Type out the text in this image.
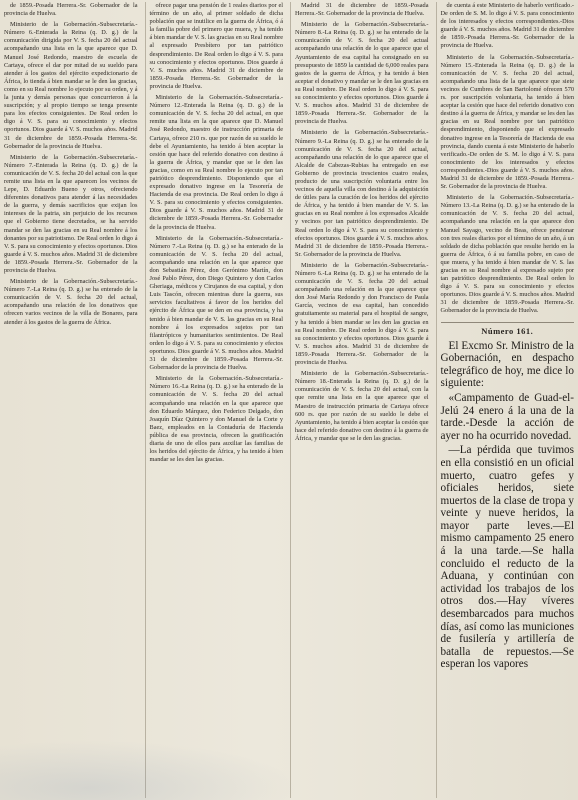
de 1859.-Posada Herrera.-Sr. Gobernador de la provincia de Huelva.

Ministerio de la Gobernación.-Subsecretaría.-Número 6.-Enterada la Reina (q. D. g.) de la comunicación dirigida por V. S. fecha 20 del actual acompañando una lista en la que aparece que D. Manuel José Redondo, maestro de escuela de Cartaya, ofrece el dar por mitad de su sueldo para atender á los gastos del ejército expedicionario de África, lo tienda á bien mandar se le den las gracias, como en su Real nombre lo ejecuto por su orden, y á la junta y demás personas que concurrieron á la suscripción; y al propio tiempo se tenga presente para los efectos consiguientes. De Real orden lo digo á V. S. para su conocimiento y efectos oportunos. Dios guarde á V. S. muchos años. Madrid 31 de diciembre de 1859.-Posada Herrera.-Sr. Gobernador de la provincia de Huelva.

Ministerio de la Gobernación.-Subsecretaría.-Número 7.-Enterada la Reina (q. D. g.) de la comunicación de V. S. fecha 20 del actual con la que remite una lista en la que aparecen los vecinos de Lepe, D. Eduardo Bueno y otros, ofreciendo diferentes donativos para atender á las necesidades de la guerra, y demás sacrificios que exijan los intereses de la patria, sin perjuicio de los recursos que el Gobierno tiene decretados, se ha servido mandar se den las gracias en su Real nombre á los donantes por su patriotismo. De Real orden lo digo á V. S. para su conocimiento y efectos oportunos. Dios guarde á V. S. muchos años. Madrid 31 de diciembre de 1859.-Posada Herrera.-Sr. Gobernador de la provincia de Huelva.

Ministerio de la Gobernación.-Subsecretaría.-Número 7.-La Reina (q. D. g.) se ha enterado de la comunicación de V. S. fecha 20 del actual, acompañando una relación de los donativos que ofrecen varios vecinos de la villa de Bonares, para atender á los gastos de la guerra de África.

ofrece pagar una pensión de 1 reales diarios por el término de un año, al primer soldado de dicha población que se inutilice en la guerra de África, ó á la familia pobre del primero que muera, y ha tenido á bien mandar de V. S. las gracias en su Real nombre al expresado Presbítero por tan patriótico desprendimiento. De Real orden lo digo á V. S. para su conocimiento y efectos oportunos. Dios guarde á V. S. muchos años. Madrid 31 de diciembre de 1859.-Posada Herrera.-Sr. Gobernador de la provincia de Huelva.

Ministerio de la Gobernación.-Subsecretaría.-Número 12.-Enterada la Reina (q. D. g.) de la comunicación de V. S. fecha 20 del actual, en que remite una lista en la que aparece que D. Manuel José Redondo, maestro de instrucción primaria de Cartaya, ofrece 210 rs. que por razón de su sueldo le debe el Ayuntamiento, ha tenido á bien aceptar la cesión que hace del referido donativo con destino á la guerra de África, y mandar que se le den las gracias, como en su Real nombre lo ejecuto por tan patriótico desprendimiento. Disponiendo que el expresado donativo ingrese en la Tesorería de Hacienda de esa provincia. De Real orden lo digo á V. S. para su conocimiento y efectos consiguientes. Dios guarde á V. S. muchos años. Madrid 31 de diciembre de 1859.-Posada Herrera.-Sr. Gobernador de la provincia de Huelva.

Ministerio de la Gobernación.-Subsecretaría.-Número 7.-La Reina (q. D. g.) se ha enterado de la comunicación de V. S. fecha 20 del actual, acompañando una relación en la que aparece que don Sebastián Pérez, don Gerónimo Martín, don José Pablo Pérez, don Diego Quintero y don Carlos Gheriaga, médicos y Cirujanos de esa capital, y don Luis Tascón, ofrecen mientras dure la guerra, sus servicios facultativos á favor de los heridos del ejército de África que se den en esa provincia, y ha tenido á bien mandar de V. S. las gracias en su Real nombre á los expresados sujetos por tan filantrópicos y humanitarios sentimientos. De Real orden lo digo á V. S. para su conocimiento y efectos oportunos. Dios guarde á V. S. muchos años. Madrid 31 de diciembre de 1859.-Posada Herrera.-Sr. Gobernador de la provincia de Huelva.

Ministerio de la Gobernación.-Subsecretaría.-Número 16.-La Reina (q. D. g.) se ha enterado de la comunicación de V. S. fecha 20 del actual acompañando una relación en la que aparece que don Eduardo Márquez, don Federico Delgado, don Joaquín Díaz Quintero y don Manuel de la Corte y Baez, empleados en la Contaduría de Hacienda pública de esa provincia, ofrecen la gratificación diaria de uno de ellos para auxiliar las familias de los heridos del ejército de África, y ha tenido á bien mandar se les den las gracias.

Madrid 31 de diciembre de 1859.-Posada Herrera.-Sr. Gobernador de la provincia de Huelva.

Ministerio de la Gobernación.-Subsecretaría.-Número 8.-La Reina (q. D. g.) se ha enterado de la comunicación de V. S. fecha 20 del actual acompañando una relación de lo que aparece que el Ayuntamiento de esa capital ha consignado en su presupuesto de 1859 la cantidad de 6,000 reales para gastos de la guerra de África, y ha tenido á bien aceptar el donativo y mandar se le den las gracias en su Real nombre. De Real orden lo digo á V. S. para su conocimiento y efectos oportunos. Dios guarde á V. S. muchos años. Madrid 31 de diciembre de 1859.-Posada Herrera.-Sr. Gobernador de la provincia de Huelva.

Ministerio de la Gobernación.-Subsecretaría.-Número 9.-La Reina (q. D. g.) se ha enterado de la comunicación de V. S. fecha 20 del actual, acompañando una relación de lo que aparece que el Alcalde de Cabezas-Rubias ha entregado en ese Gobierno de provincia trescientos cuatro reales, producto de una suscripción voluntaria entre los vecinos de aquella villa con destino á la adquisición de útiles para la curación de los heridos del ejército de África, y ha tenido á bien mandar de V. S. las gracias en su Real nombre á los expresados Alcalde y vecinos por tan patriótico desprendimiento. De Real orden lo digo á V. S. para su conocimiento y efectos oportunos. Dios guarde á V. S. muchos años. Madrid 31 de diciembre de 1859.-Posada Herrera.-Sr. Gobernador de la provincia de Huelva.

Ministerio de la Gobernación.-Subsecretaría.-Número 6.-La Reina (q. D. g.) se ha enterado de la comunicación de V. S. fecha 20 del actual acompañando una relación en la que aparece que don José María Redondo y don Francisco de Paula García, vecinos de esa capital, han concedido gratuitamente su material para el hospital de sangre, y ha tenido á bien mandar se les den las gracias en su Real nombre. De Real orden lo digo á V. S. para su conocimiento y efectos oportunos. Dios guarde á V. S. muchos años. Madrid 31 de diciembre de 1859.-Posada Herrera.-Sr. Gobernador de la provincia de Huelva.

Ministerio de la Gobernación.-Subsecretaría.-Número 18.-Enterada la Reina (q. D. g.) de la comunicación de V. S. fecha 20 del actual, con la que remite una lista en la que aparece que el Maestro de instrucción primaria de Cartaya ofrece 600 rs. que por razón de su sueldo le debe el Ayuntamiento, ha tenido á bien aceptar la cesión que hace del referido donativo con destino á la guerra de África, y mandar que se le den las gracias.

de cuenta á este Ministerio de haberlo verificado.-De orden de S. M. lo digo á V. S. para conocimiento de los interesados y efectos correspondientes.-Dios guarde á V. S. muchos años. Madrid 31 de diciembre de 1859.-Posada Herrera.-Sr. Gobernador de la provincia de Huelva.

Ministerio de la Gobernación.-Subsecretaría.-Número 15.-Enterada la Reina (q. D. g.) de la comunicación de V. S. fecha 20 del actual, acompañando una lista de la que aparece que siete vecinos de Cumbres de San Bartolomé ofrecen 570 rs. por suscripción voluntaria, ha tenido á bien aceptar la cesión que hace del referido donativo con destino á la guerra de África, y mandar se les den las gracias en su Real nombre por tan patriótico desprendimiento, disponiendo que el expresado donativo ingrese en la Tesorería de Hacienda de esa provincia, dando cuenta á este Ministerio de haberlo verificado.-De orden de S. M. lo digo á V. S. para conocimiento de los interesados y efectos correspondientes.-Dios guarde á V. S. muchos años. Madrid 31 de diciembre de 1859.-Posada Herrera.-Sr. Gobernador de la provincia de Huelva.

Ministerio de la Gobernación.-Subsecretaría.-Número 13.-La Reina (q. D. g.) se ha enterado de la comunicación de V. S. fecha 20 del actual, acompañando una relación en la que aparece don Manuel Sayago, vecino de Beas, ofrece pensionar con tres reales diarios por el término de un año, á un soldado de dicha población que resulte herido en la guerra de África, ó á su familia pobre, en caso de que muera, y ha tenido á bien mandar de V. S. las gracias en su Real nombre al expresado sujeto por tan patriótico desprendimiento. De Real orden lo digo á V. S. para su conocimiento y efectos oportunos. Dios guarde á V. S. muchos años. Madrid 31 de diciembre de 1859.-Posada Herrera.-Sr. Gobernador de la provincia de Huelva.

Número 161.

El Excmo Sr. Ministro de la Gobernación, en despacho telegráfico de hoy, me dice lo siguiente:

«Campamento de Guad-el-Jelú 24 enero á la una de la tarde.-Desde la acción de ayer no ha ocurrido novedad.

—La pérdida que tuvimos en ella consistió en un oficial muerto, cuatro gefes y oficiales heridos, siete muertos de la clase de tropa y veinte y nueve heridos, la mayor parte leves.—El mismo campamento 25 enero á la una tarde.—Se halla concluido el reducto de la Aduana, y continúan con actividad los trabajos de los otros dos.—Hay víveres desembarcados para muchos días, así como las municiones de fusilería y artillería de batalla de repuestos.—Se esperan los vapores
